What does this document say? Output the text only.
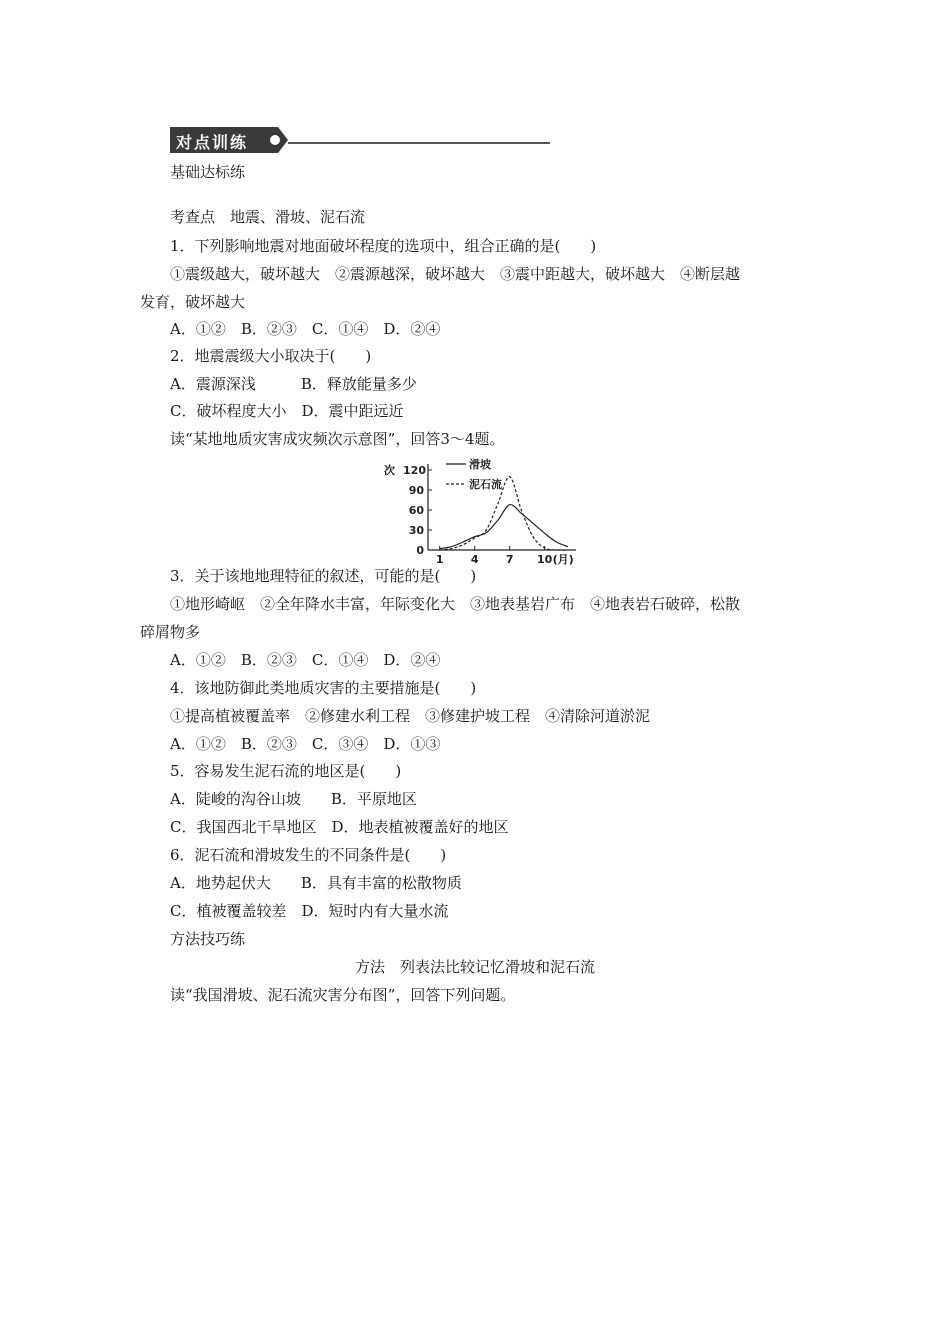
对点训练
基础达标练
考查点　地震、滑坡、泥石流
1．下列影响地震对地面破坏程度的选项中，组合正确的是(　　)
①震级越大，破坏越大　②震源越深，破坏越大　③震中距越大，破坏越大　④断层越
发育，破坏越大
A．①②　B．②③　C．①④　D．②④
2．地震震级大小取决于(　　)
A．震源深浅　　　B．释放能量多少
C．破坏程度大小　D．震中距远近
读“某地地质灾害成灾频次示意图”，回答3～4题。
次 120
90
60
30
0
1 4 7 10 (月)
滑坡
泥石流
3．关于该地地理特征的叙述，可能的是(　　)
①地形崎岖　②全年降水丰富，年际变化大　③地表基岩广布　④地表岩石破碎，松散
碎屑物多
A．①②　B．②③　C．①④　D．②④
4．该地防御此类地质灾害的主要措施是(　　)
①提高植被覆盖率　②修建水利工程　③修建护坡工程　④清除河道淤泥
A．①②　B．②③　C．③④　D．①③
5．容易发生泥石流的地区是(　　)
A．陡峻的沟谷山坡　　B．平原地区
C．我国西北干旱地区　D．地表植被覆盖好的地区
6．泥石流和滑坡发生的不同条件是(　　)
A．地势起伏大　　B．具有丰富的松散物质
C．植被覆盖较差　D．短时内有大量水流
方法技巧练
方法　列表法比较记忆滑坡和泥石流
读“我国滑坡、泥石流灾害分布图”，回答下列问题。
